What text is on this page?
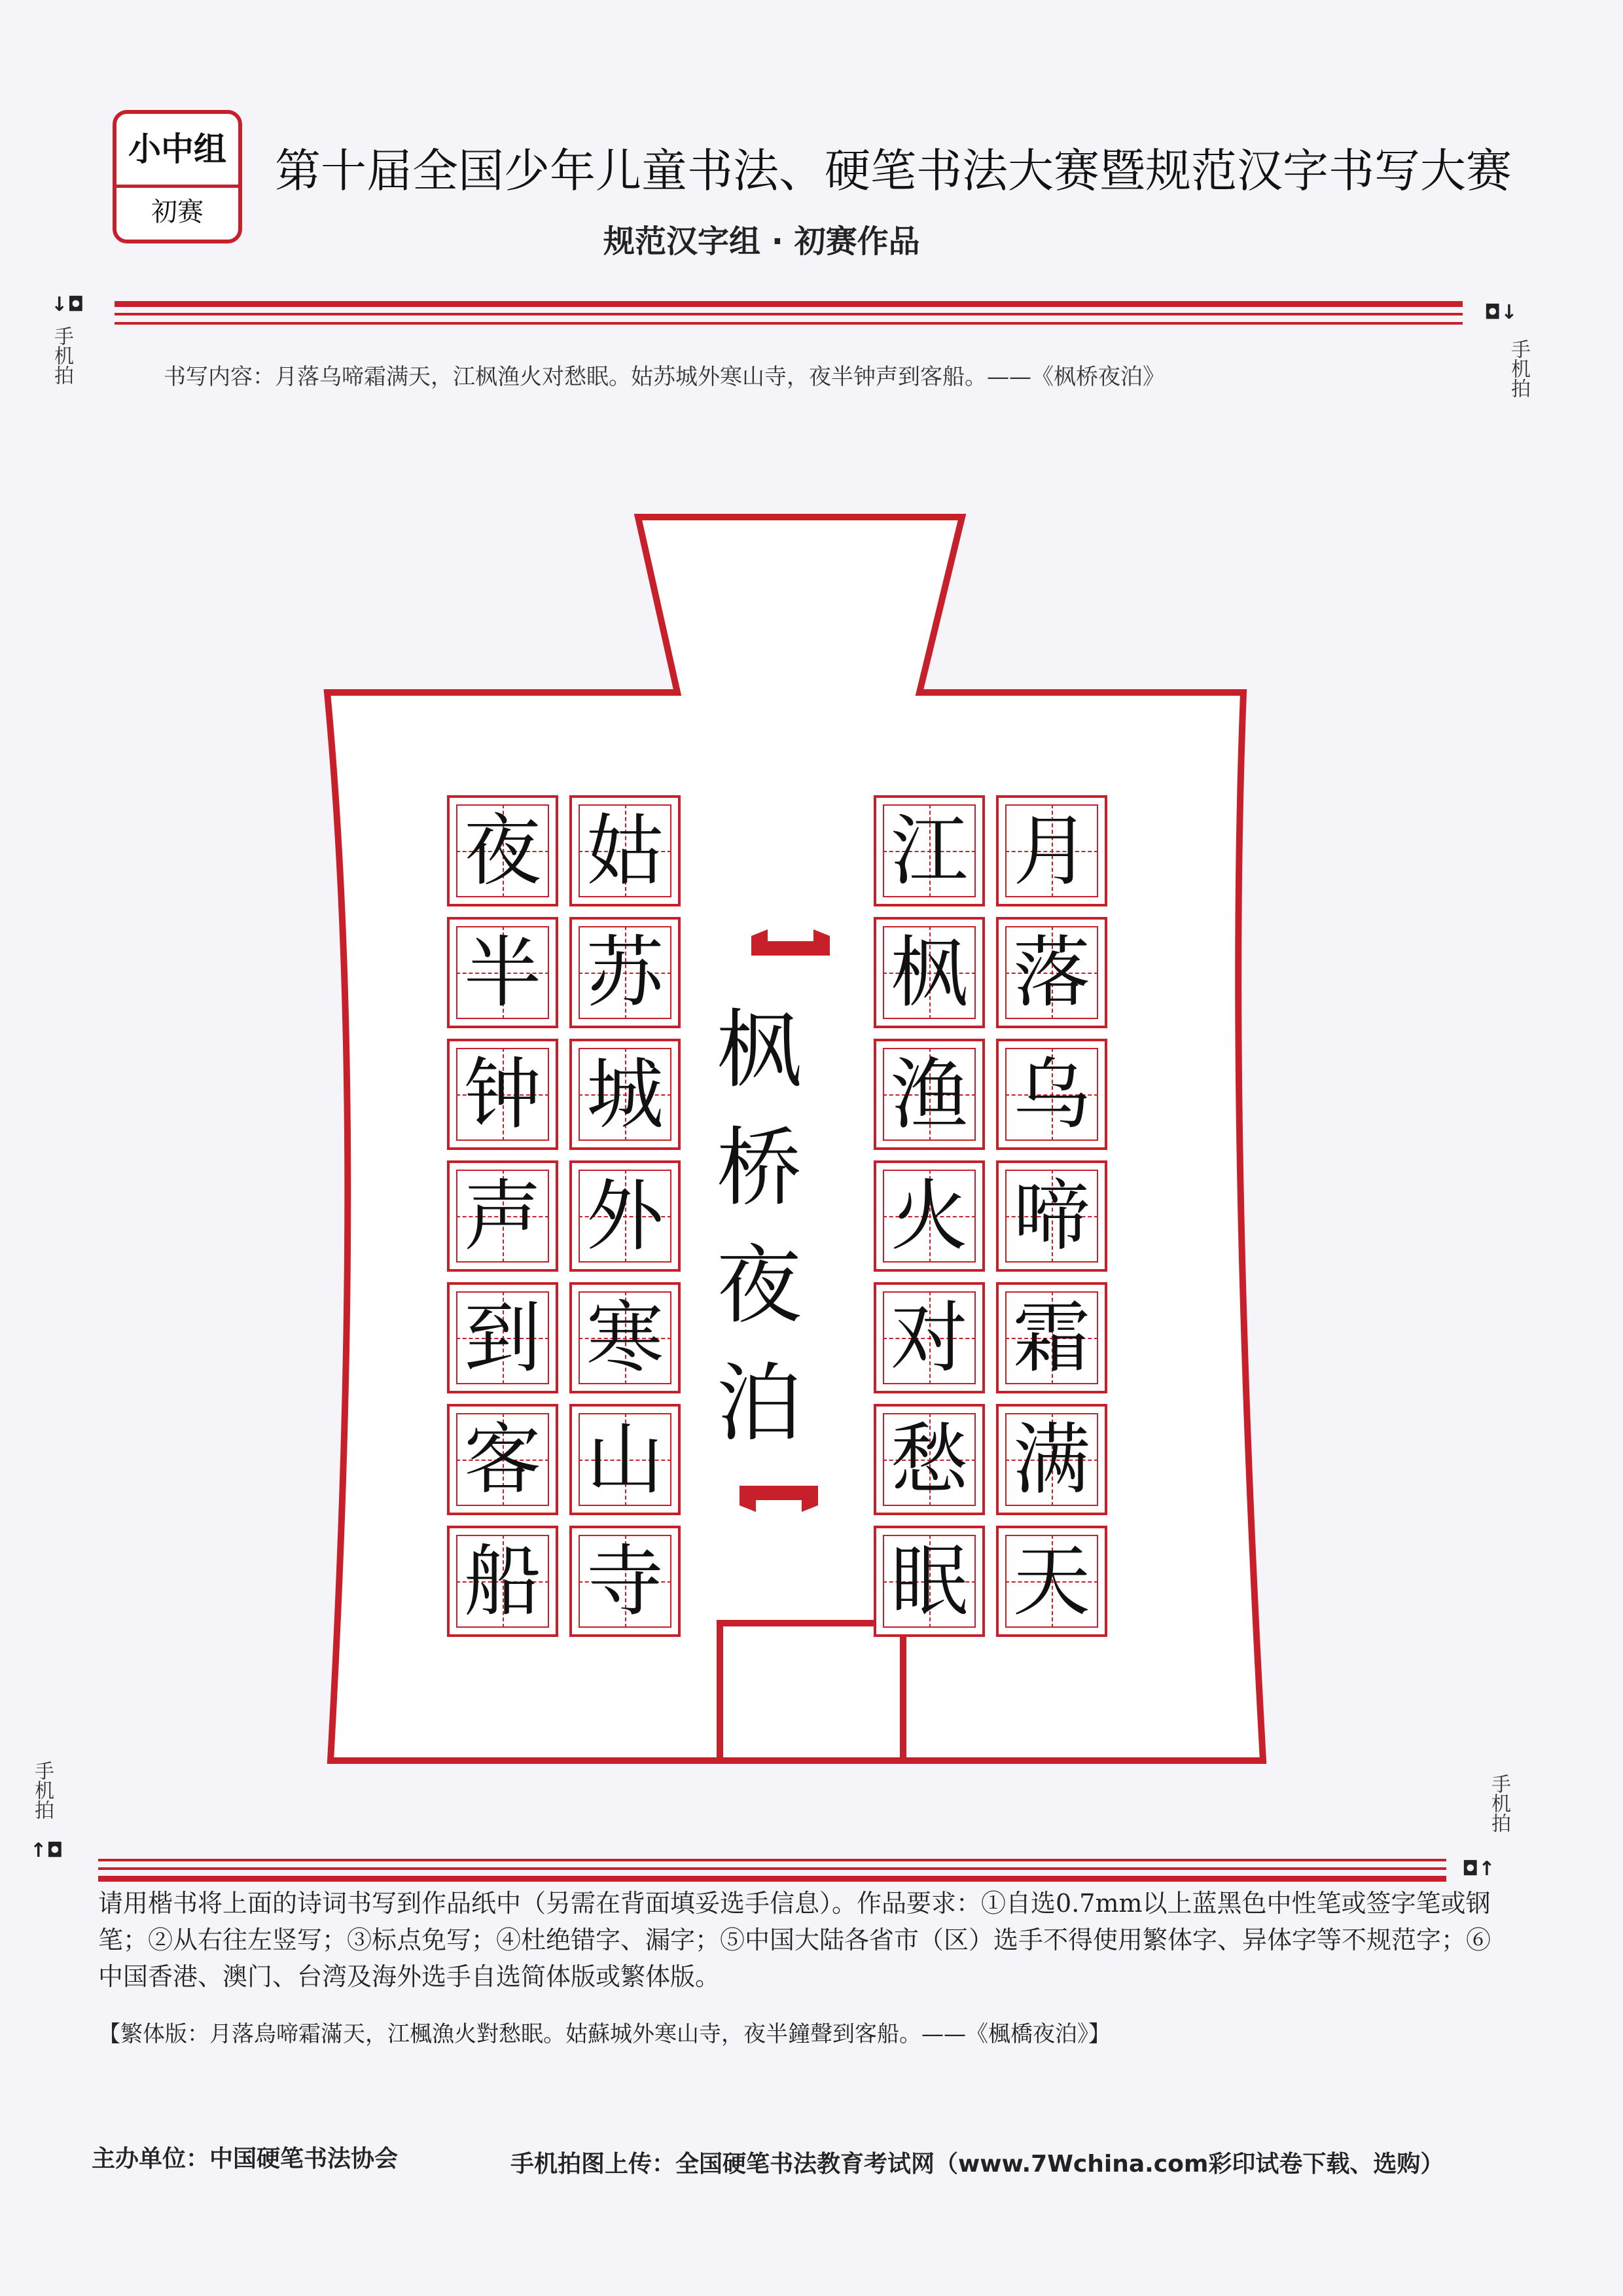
小中组
初赛
第十届全国少年儿童书法、硬笔书法大赛暨规范汉字书写大赛
规范汉字组 · 初赛作品
↓◘
手机拍
◘↓
手机拍
书写内容：月落乌啼霜满天，江枫渔火对愁眠。姑苏城外寒山寺，夜半钟声到客船。——《枫桥夜泊》
枫
桥
夜
泊
月
落
乌
啼
霜
满
天
江
枫
渔
火
对
愁
眠
姑
苏
城
外
寒
山
寺
夜
半
钟
声
到
客
船
手机拍
↑◘
手机拍
◘↑
请用楷书将上面的诗词书写到作品纸中（另需在背面填妥选手信息）。作品要求：①自选0.7mm以上蓝黑色中性笔或签字笔或钢笔；②从右往左竖写；③标点免写；④杜绝错字、漏字；⑤中国大陆各省市（区）选手不得使用繁体字、异体字等不规范字；⑥中国香港、澳门、台湾及海外选手自选简体版或繁体版。
【繁体版：月落烏啼霜滿天，江楓漁火對愁眠。姑蘇城外寒山寺，夜半鐘聲到客船。——《楓橋夜泊》】
主办单位：中国硬笔书法协会	手机拍图上传：全国硬笔书法教育考试网（www.7Wchina.com彩印试卷下载、选购）
